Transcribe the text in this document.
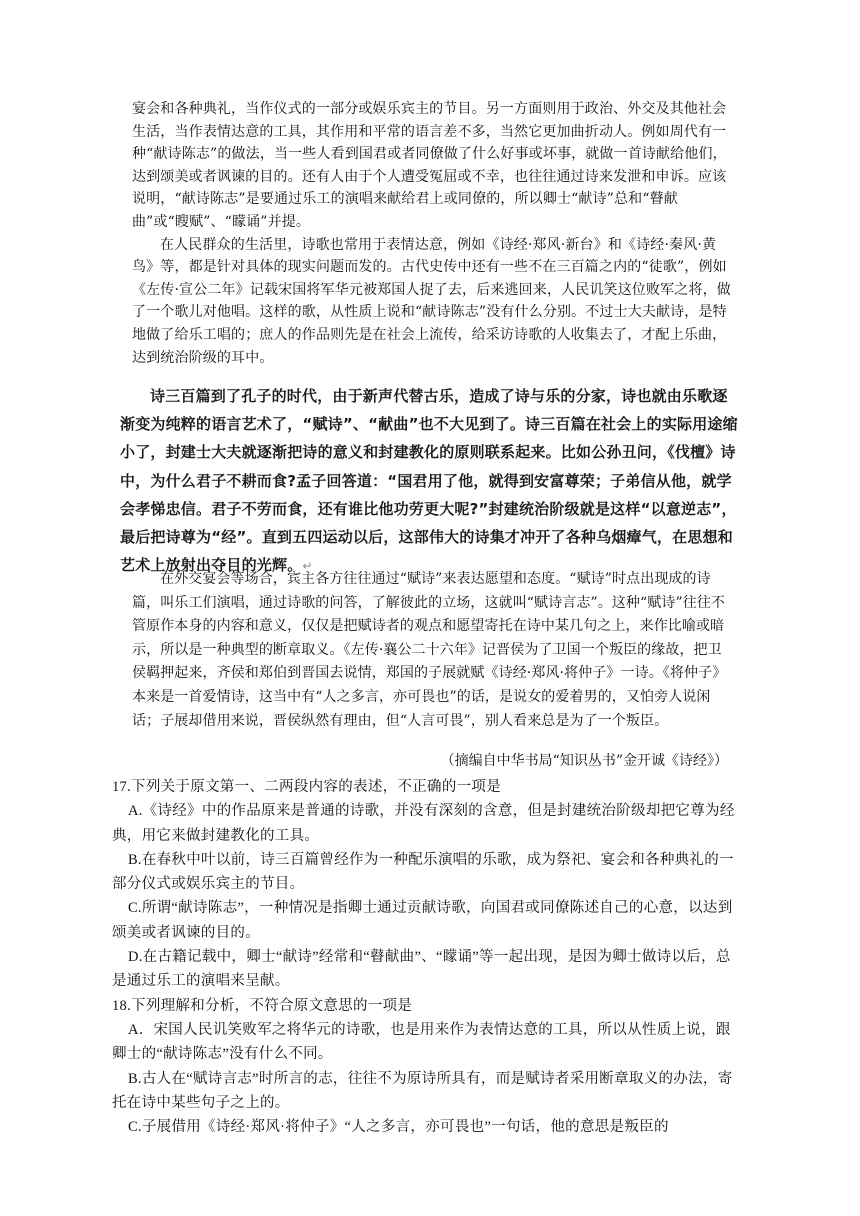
宴会和各种典礼，当作仪式的一部分或娱乐宾主的节目。另一方面则用于政治、外交及其他社会生活，当作表情达意的工具，其作用和平常的语言差不多，当然它更加曲折动人。例如周代有一种“献诗陈志”的做法，当一些人看到国君或者同僚做了什么好事或坏事，就做一首诗献给他们，达到颂美或者讽谏的目的。还有人由于个人遭受冤屈或不幸，也往往通过诗来发泄和申诉。应该说明，“献诗陈志”是要通过乐工的演唱来献给君上或同僚的，所以卿士“献诗”总和“瞽献曲”或“瞍赋”、“矇诵”并提。

在人民群众的生活里，诗歌也常用于表情达意，例如《诗经·郑风·新台》和《诗经·秦风·黄鸟》等，都是针对具体的现实问题而发的。古代史传中还有一些不在三百篇之内的“徒歌”，例如《左传·宣公二年》记载宋国将军华元被郑国人捉了去，后来逃回来，人民讥笑这位败军之将，做了一个歌儿对他唱。这样的歌，从性质上说和“献诗陈志”没有什么分别。不过士大夫献诗，是特地做了给乐工唱的；庶人的作品则先是在社会上流传，给采访诗歌的人收集去了，才配上乐曲，达到统治阶级的耳中。

诗三百篇到了孔子的时代，由于新声代替古乐，造成了诗与乐的分家，诗也就由乐歌逐渐变为纯粹的语言艺术了，“赋诗”、“献曲”也不大见到了。诗三百篇在社会上的实际用途缩小了，封建士大夫就逐渐把诗的意义和封建教化的原则联系起来。比如公孙丑问，《伐檀》诗中，为什么君子不耕而食?孟子回答道：“国君用了他，就得到安富尊荣；子弟信从他，就学会孝悌忠信。君子不劳而食，还有谁比他功劳更大呢?”封建统治阶级就是这样“以意逆志”，最后把诗尊为“经”。直到五四运动以后，这部伟大的诗集才冲开了各种乌烟瘴气，在思想和艺术上放射出夺目的光辉。↵

在外交宴会等场合，宾主各方往往通过“赋诗”来表达愿望和态度。“赋诗”时点出现成的诗篇，叫乐工们演唱，通过诗歌的问答，了解彼此的立场，这就叫“赋诗言志”。这种“赋诗”往往不管原作本身的内容和意义，仅仅是把赋诗者的观点和愿望寄托在诗中某几句之上，来作比喻或暗示，所以是一种典型的断章取义。《左传·襄公二十六年》记晋侯为了卫国一个叛臣的缘故，把卫侯羁押起来，齐侯和郑伯到晋国去说情，郑国的子展就赋《诗经·郑风·将仲子》一诗。《将仲子》本来是一首爱情诗，这当中有“人之多言，亦可畏也”的话，是说女的爱着男的，又怕旁人说闲话；子展却借用来说，晋侯纵然有理由，但“人言可畏”，别人看来总是为了一个叛臣。

（摘编自中华书局“知识丛书”金开诚《诗经》）

17.下列关于原文第一、二两段内容的表述，不正确的一项是

A.《诗经》中的作品原来是普通的诗歌，并没有深刻的含意，但是封建统治阶级却把它尊为经典，用它来做封建教化的工具。

B.在春秋中叶以前，诗三百篇曾经作为一种配乐演唱的乐歌，成为祭祀、宴会和各种典礼的一部分仪式或娱乐宾主的节目。

C.所谓“献诗陈志”，一种情况是指卿士通过贡献诗歌，向国君或同僚陈述自己的心意，以达到颂美或者讽谏的目的。

D.在古籍记载中，卿士“献诗”经常和“瞽献曲”、“矇诵”等一起出现，是因为卿士做诗以后，总是通过乐工的演唱来呈献。

18.下列理解和分析，不符合原文意思的一项是

A．宋国人民讥笑败军之将华元的诗歌，也是用来作为表情达意的工具，所以从性质上说，跟卿士的“献诗陈志”没有什么不同。

B.古人在“赋诗言志”时所言的志，往往不为原诗所具有，而是赋诗者采用断章取义的办法，寄托在诗中某些句子之上的。

C.子展借用《诗经·郑风·将仲子》“人之多言，亦可畏也”一句话，他的意思是叛臣的
